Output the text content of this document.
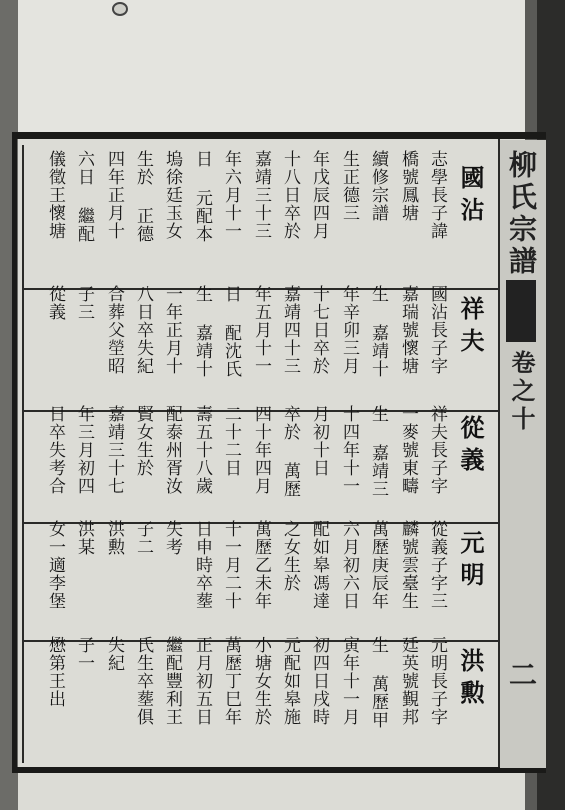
柳氏宗譜
卷之十
二
國沾
志學長子諱
橋號鳳塘
續修宗譜
生正德三
年戊辰四月
十八日卒於
嘉靖三十三
年六月十一
日 元配本
塢徐廷玉女
生於 正德
四年正月十
六日 繼配
儀徵王懷塘
祥夫
國沾長子字
嘉瑞號懷塘
生 嘉靖十
年辛卯三月
十七日卒於
嘉靖四十三
年五月十一
日 配沈氏
生 嘉靖十
一年正月十
八日卒失紀
合葬父塋昭
子三
從義
從義
祥夫長子字
一麥號東疇
生 嘉靖三
十四年十一
月初十日
卒於 萬歷
四十年四月
二十二日
壽五十八歲
配泰州胥汝
賢女生於
嘉靖三十七
年三月初四
日卒失考合
元明
從義子字三
麟號雲臺生
萬歷庚辰年
六月初六日
配如皋馮達
之女生於
萬歷乙未年
十一月二十
日申時卒塟
失考
子二
洪勲
洪某
女一適李堡
洪勲
元明長子字
廷英號覲邦
生 萬歷甲
寅年十一月
初四日戌時
元配如皋施
小塘女生於
萬歷丁巳年
正月初五日
繼配豐利王
氏生卒塟俱
失紀
子一
懋第王出
